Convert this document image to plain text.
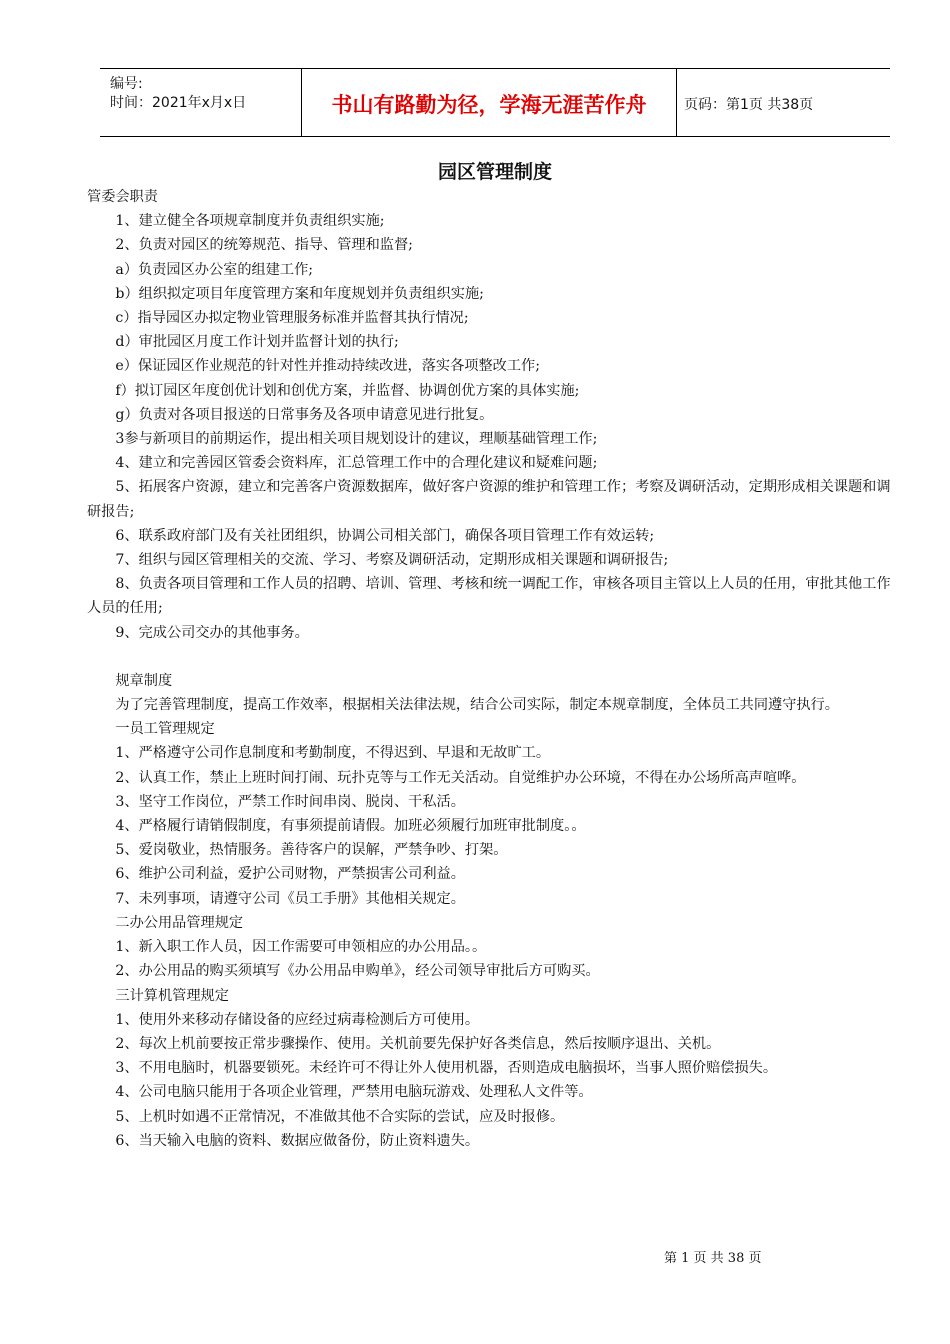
编号:
时间：2021年x月x日	书山有路勤为径，学海无涯苦作舟	页码：第1页 共38页
园区管理制度

管委会职责

1、建立健全各项规章制度并负责组织实施;

2、负责对园区的统筹规范、指导、管理和监督;

a）负责园区办公室的组建工作;

b）组织拟定项目年度管理方案和年度规划并负责组织实施;

c）指导园区办拟定物业管理服务标准并监督其执行情况;

d）审批园区月度工作计划并监督计划的执行;

e）保证园区作业规范的针对性并推动持续改进，落实各项整改工作;

f）拟订园区年度创优计划和创优方案，并监督、协调创优方案的具体实施;

g）负责对各项目报送的日常事务及各项申请意见进行批复。

3参与新项目的前期运作，提出相关项目规划设计的建议，理顺基础管理工作;

4、建立和完善园区管委会资料库，汇总管理工作中的合理化建议和疑难问题;

5、拓展客户资源，建立和完善客户资源数据库，做好客户资源的维护和管理工作；考察及调研活动，定期形成相关课题和调研报告;

6、联系政府部门及有关社团组织，协调公司相关部门，确保各项目管理工作有效运转;

7、组织与园区管理相关的交流、学习、考察及调研活动，定期形成相关课题和调研报告;

8、负责各项目管理和工作人员的招聘、培训、管理、考核和统一调配工作，审核各项目主管以上人员的任用，审批其他工作人员的任用;

9、完成公司交办的其他事务。

规章制度

为了完善管理制度，提高工作效率，根据相关法律法规，结合公司实际，制定本规章制度，全体员工共同遵守执行。

一员工管理规定

1、严格遵守公司作息制度和考勤制度，不得迟到、早退和无故旷工。

2、认真工作，禁止上班时间打闹、玩扑克等与工作无关活动。自觉维护办公环境，不得在办公场所高声喧哗。

3、坚守工作岗位，严禁工作时间串岗、脱岗、干私活。

4、严格履行请销假制度，有事须提前请假。加班必须履行加班审批制度。。

5、爱岗敬业，热情服务。善待客户的误解，严禁争吵、打架。

6、维护公司利益，爱护公司财物，严禁损害公司利益。

7、未列事项，请遵守公司《员工手册》其他相关规定。

二办公用品管理规定

1、新入职工作人员，因工作需要可申领相应的办公用品。。

2、办公用品的购买须填写《办公用品申购单》，经公司领导审批后方可购买。

三计算机管理规定

1、使用外来移动存储设备的应经过病毒检测后方可使用。

2、每次上机前要按正常步骤操作、使用。关机前要先保护好各类信息，然后按顺序退出、关机。

3、不用电脑时，机器要锁死。未经许可不得让外人使用机器，否则造成电脑损坏，当事人照价赔偿损失。

4、公司电脑只能用于各项企业管理，严禁用电脑玩游戏、处理私人文件等。

5、上机时如遇不正常情况，不准做其他不合实际的尝试，应及时报修。

6、当天输入电脑的资料、数据应做备份，防止资料遗失。

第 1 页 共 38 页
